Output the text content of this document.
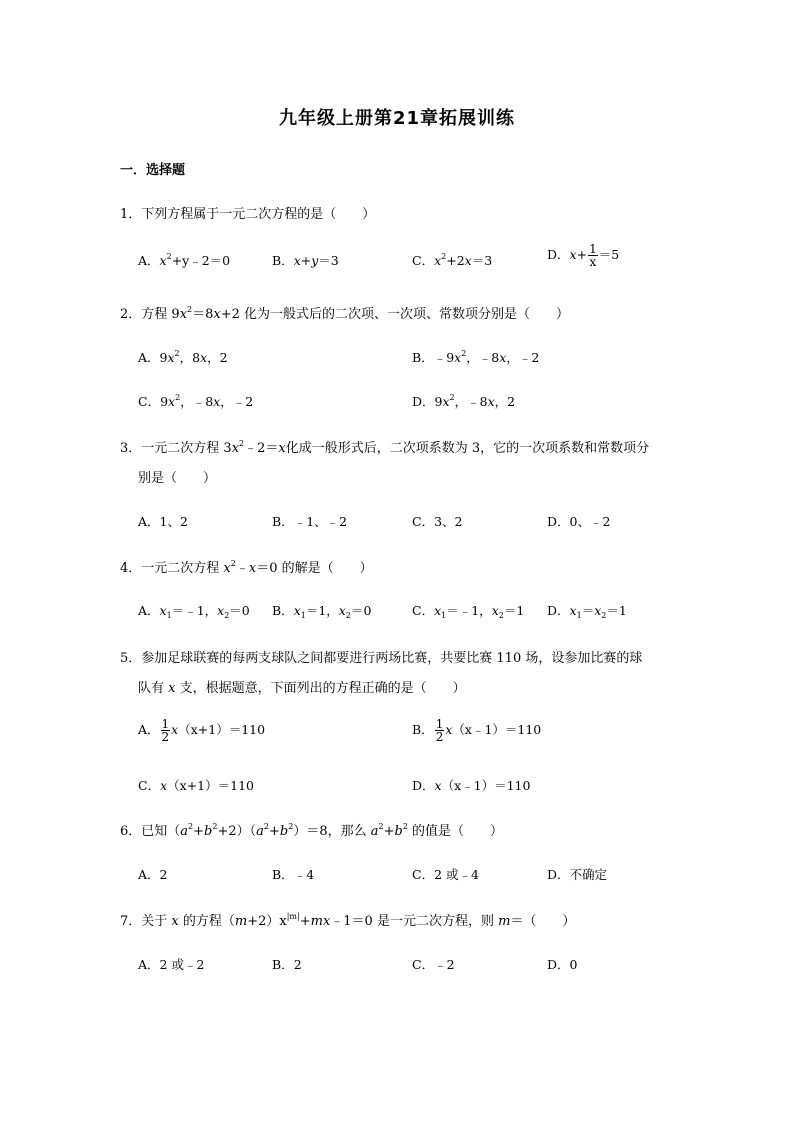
九年级上册第21章拓展训练
一．选择题
1．下列方程属于一元二次方程的是（　　）
A．$x^2+y﹣2=0$	B．x+y＝3	C．$x^2+2x=3$	D．$x+ \frac{1}{x} =5$
2．方程 $9x^2=8x+2$ 化为一般式后的二次项、一次项、常数项分别是（　　）
A．$9x^2$，8x，2	B．$﹣9x^2$，﹣8x，﹣2
C．$9x^2$，﹣8x，﹣2	D．$9x^2$，﹣8x，2
3．一元二次方程 $3x^2﹣2=x$化成一般形式后，二次项系数为 3，它的一次项系数和常数项分
别是（　　）
A．1、2	B．﹣1、﹣2	C．3、2	D．0、﹣2
4．一元二次方程 $x^2﹣x=0$ 的解是（　　）
A．$x_1=﹣1$，$x_2=0$ B．$x_1=1$，$x_2=0$	C．$x_1=﹣1$，$x_2=1$ D．$x_1=x_2=1$
5．参加足球联赛的每两支球队之间都要进行两场比赛，共要比赛 110 场，设参加比赛的球
队有 x 支，根据题意，下面列出的方程正确的是（　　）
A． $\frac{1}{2} x(x+1)=110$	B． $\frac{1}{2}$ x（x﹣1）＝110
C．x（x+1）＝110	D．x（x﹣1）＝110
6．已知$(a^2+b^2+2)(a^2+b^2)=8$，那么 $a^2+b^2$ 的值是（　　）
A．2	B．﹣4	C．2 或﹣4	D．不确定
7．关于 x 的方程$(m+2)x^{|m|}+mx﹣1=0$ 是一元二次方程，则 m＝（　　）
A．2 或﹣2	B．2	C．﹣2	D．0
